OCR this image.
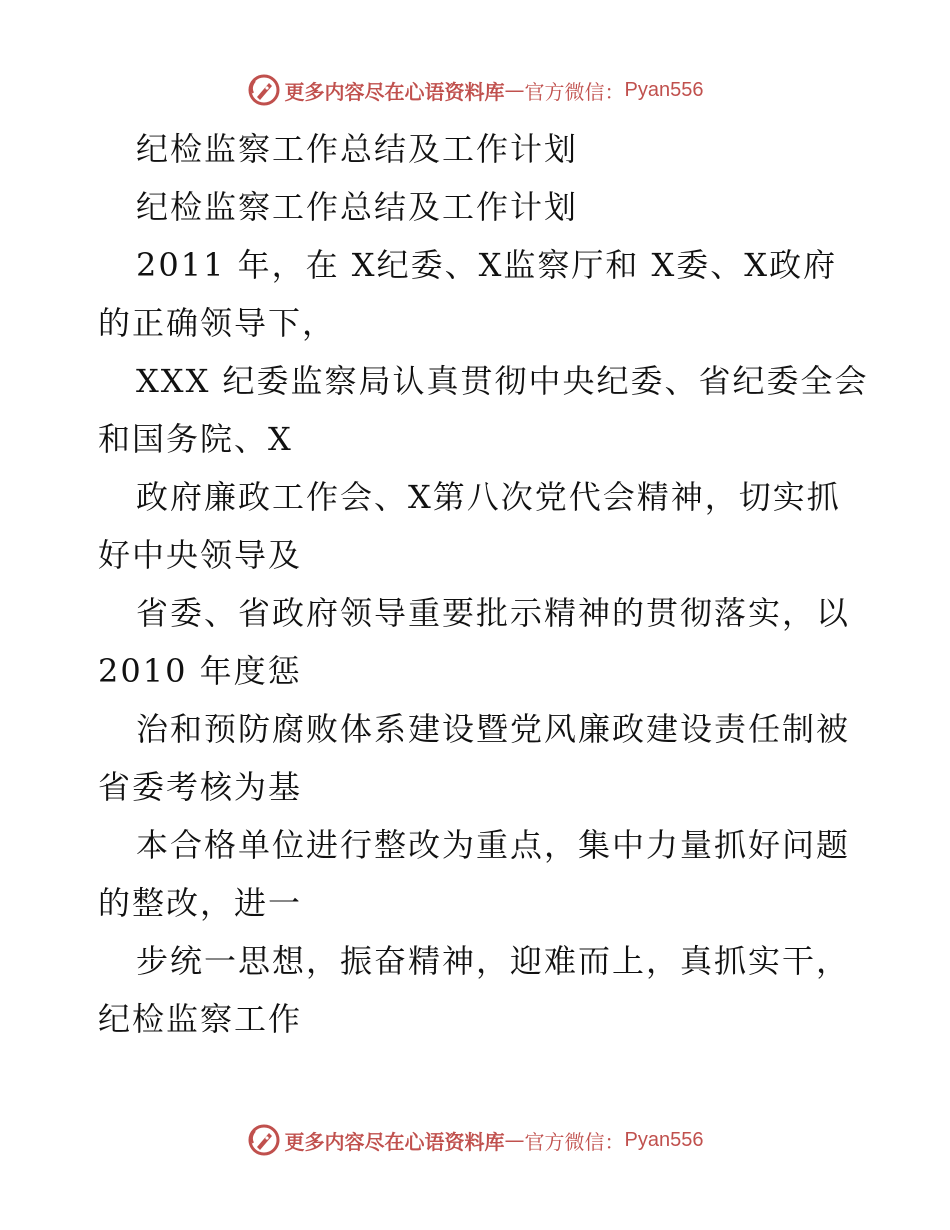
更多内容尽在心语资料库 — 官方微信： Pyan556
纪检监察工作总结及工作计划
纪检监察工作总结及工作计划
2011 年，在 X纪委、X监察厅和 X委、X政府
的正确领导下，
XXX 纪委监察局认真贯彻中央纪委、省纪委全会
和国务院、X
政府廉政工作会、X第八次党代会精神，切实抓
好中央领导及
省委、省政府领导重要批示精神的贯彻落实，以
2010 年度惩
治和预防腐败体系建设暨党风廉政建设责任制被
省委考核为基
本合格单位进行整改为重点，集中力量抓好问题
的整改，进一
步统一思想，振奋精神，迎难而上，真抓实干，
纪检监察工作
更多内容尽在心语资料库 — 官方微信： Pyan556
